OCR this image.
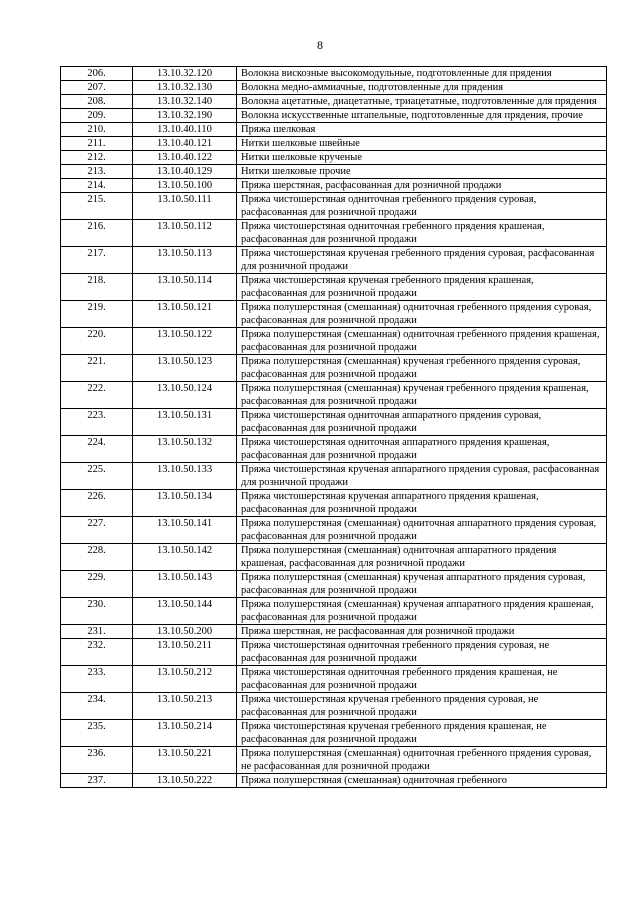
8
206.	13.10.32.120	Волокна вискозные высокомодульные, подготовленные для прядения
207.	13.10.32.130	Волокна медно-аммиачные, подготовленные для прядения
208.	13.10.32.140	Волокна ацетатные, диацетатные, триацетатные, подготовленные для прядения
209.	13.10.32.190	Волокна искусственные штапельные, подготовленные для прядения, прочие
210.	13.10.40.110	Пряжа шелковая
211.	13.10.40.121	Нитки шелковые швейные
212.	13.10.40.122	Нитки шелковые крученые
213.	13.10.40.129	Нитки шелковые прочие
214.	13.10.50.100	Пряжа шерстяная, расфасованная для розничной продажи
215.	13.10.50.111	Пряжа чистошерстяная одниточная гребенного прядения суровая, расфасованная для розничной продажи
216.	13.10.50.112	Пряжа чистошерстяная одниточная гребенного прядения крашеная, расфасованная для розничной продажи
217.	13.10.50.113	Пряжа чистошерстяная крученая гребенного прядения суровая, расфасованная для розничной продажи
218.	13.10.50.114	Пряжа чистошерстяная крученая гребенного прядения крашеная, расфасованная для розничной продажи
219.	13.10.50.121	Пряжа полушерстяная (смешанная) одниточная гребенного прядения суровая, расфасованная для розничной продажи
220.	13.10.50.122	Пряжа полушерстяная (смешанная) одниточная гребенного прядения крашеная, расфасованная для розничной продажи
221.	13.10.50.123	Пряжа полушерстяная (смешанная) крученая гребенного прядения суровая, расфасованная для розничной продажи
222.	13.10.50.124	Пряжа полушерстяная (смешанная) крученая гребенного прядения крашеная, расфасованная для розничной продажи
223.	13.10.50.131	Пряжа чистошерстяная одниточная аппаратного прядения суровая, расфасованная для розничной продажи
224.	13.10.50.132	Пряжа чистошерстяная одниточная аппаратного прядения крашеная, расфасованная для розничной продажи
225.	13.10.50.133	Пряжа чистошерстяная крученая аппаратного прядения суровая, расфасованная для розничной продажи
226.	13.10.50.134	Пряжа чистошерстяная крученая аппаратного прядения крашеная, расфасованная для розничной продажи
227.	13.10.50.141	Пряжа полушерстяная (смешанная) одниточная аппаратного прядения суровая, расфасованная для розничной продажи
228.	13.10.50.142	Пряжа полушерстяная (смешанная) одниточная аппаратного прядения крашеная, расфасованная для розничной продажи
229.	13.10.50.143	Пряжа полушерстяная (смешанная) крученая аппаратного прядения суровая, расфасованная для розничной продажи
230.	13.10.50.144	Пряжа полушерстяная (смешанная) крученая аппаратного прядения крашеная, расфасованная для розничной продажи
231.	13.10.50.200	Пряжа шерстяная, не расфасованная для розничной продажи
232.	13.10.50.211	Пряжа чистошерстяная одниточная гребенного прядения суровая, не расфасованная для розничной продажи
233.	13.10.50.212	Пряжа чистошерстяная одниточная гребенного прядения крашеная, не расфасованная для розничной продажи
234.	13.10.50.213	Пряжа чистошерстяная крученая гребенного прядения суровая, не расфасованная для розничной продажи
235.	13.10.50.214	Пряжа чистошерстяная крученая гребенного прядения крашеная, не расфасованная для розничной продажи
236.	13.10.50.221	Пряжа полушерстяная (смешанная) одниточная гребенного прядения суровая, не расфасованная для розничной продажи
237.	13.10.50.222	Пряжа полушерстяная (смешанная) одниточная гребенного
